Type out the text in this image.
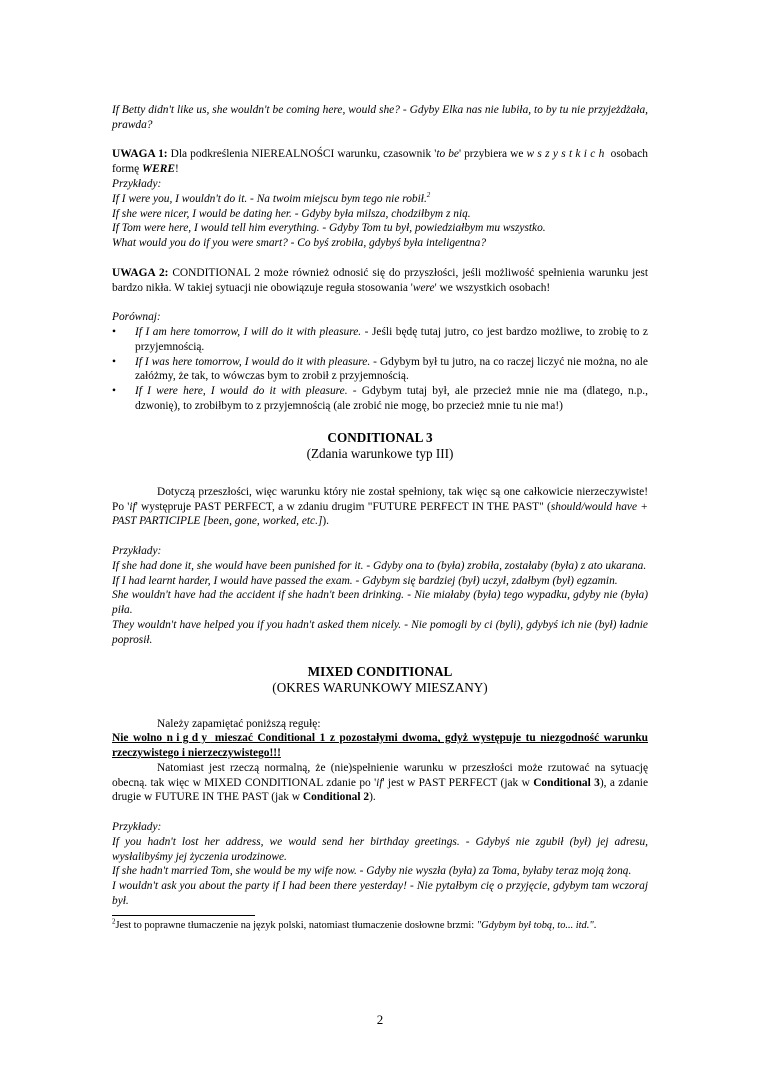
If Betty didn't like us, she wouldn't be coming here, would she? - Gdyby Elka nas nie lubiła, to by tu nie przyjeżdżała, prawda?

UWAGA 1: Dla podkreślenia NIEREALNOŚCI warunku, czasownik 'to be' przybiera we wszystkich osobach formę WERE!

Przykłady:

If I were you, I wouldn't do it. - Na twoim miejscu bym tego nie robił.$^2$

If she were nicer, I would be dating her. - Gdyby była milsza, chodziłbym z nią.

If Tom were here, I would tell him everything. - Gdyby Tom tu był, powiedziałbym mu wszystko.

What would you do if you were smart? - Co byś zrobiła, gdybyś była inteligentna?

UWAGA 2: CONDITIONAL 2 może również odnosić się do przyszłości, jeśli możliwość spełnienia warunku jest bardzo nikła. W takiej sytuacji nie obowiązuje reguła stosowania 'were' we wszystkich osobach!

Porównaj:

• If I am here tomorrow, I will do it with pleasure. - Jeśli będę tutaj jutro, co jest bardzo możliwe, to zrobię to z przyjemnością.
• If I was here tomorrow, I would do it with pleasure. - Gdybym był tu jutro, na co raczej liczyć nie można, no ale załóżmy, że tak, to wówczas bym to zrobił z przyjemnością.
• If I were here, I would do it with pleasure. - Gdybym tutaj był, ale przecież mnie nie ma (dlatego, n.p., dzwonię), to zrobiłbym to z przyjemnością (ale zrobić nie mogę, bo przecież mnie tu nie ma!)
CONDITIONAL 3
(Zdania warunkowe typ III)

Dotyczą przeszłości, więc warunku który nie został spełniony, tak więc są one całkowicie nierzeczywiste! Po 'if' występruje PAST PERFECT, a w zdaniu drugim "FUTURE PERFECT IN THE PAST" (should/would have + PAST PARTICIPLE [been, gone, worked, etc.]).

Przykłady:

If she had done it, she would have been punished for it. - Gdyby ona to (była) zrobiła, zostałaby (była) z ato ukarana.

If I had learnt harder, I would have passed the exam. - Gdybym się bardziej (był) uczył, zdałbym (był) egzamin.

She wouldn't have had the accident if she hadn't been drinking. - Nie miałaby (była) tego wypadku, gdyby nie (była) piła.

They wouldn't have helped you if you hadn't asked them nicely. - Nie pomogli by ci (byli), gdybyś ich nie (był) ładnie poprosił.

MIXED CONDITIONAL
(OKRES WARUNKOWY MIESZANY)

Należy zapamiętać poniższą regułę:

Nie wolno nigdy mieszać Conditional 1 z pozostałymi dwoma, gdyż występuje tu niezgodność warunku rzeczywistego i nierzeczywistego!!!

Natomiast jest rzeczą normalną, że (nie)spełnienie warunku w przeszłości może rzutować na sytuację obecną. tak więc w MIXED CONDITIONAL zdanie po 'if' jest w PAST PERFECT (jak w Conditional 3), a zdanie drugie w FUTURE IN THE PAST (jak w Conditional 2).

Przykłady:

If you hadn't lost her address, we would send her birthday greetings. - Gdybyś nie zgubił (był) jej adresu, wysłalibyśmy jej życzenia urodzinowe.

If she hadn't married Tom, she would be my wife now. - Gdyby nie wyszła (była) za Toma, byłaby teraz moją żoną.

I wouldn't ask you about the party if I had been there yesterday! - Nie pytałbym cię o przyjęcie, gdybym tam wczoraj był.

$^2$Jest to poprawne tłumaczenie na język polski, natomiast tłumaczenie dosłowne brzmi: "Gdybym był tobą, to... itd.".

2
